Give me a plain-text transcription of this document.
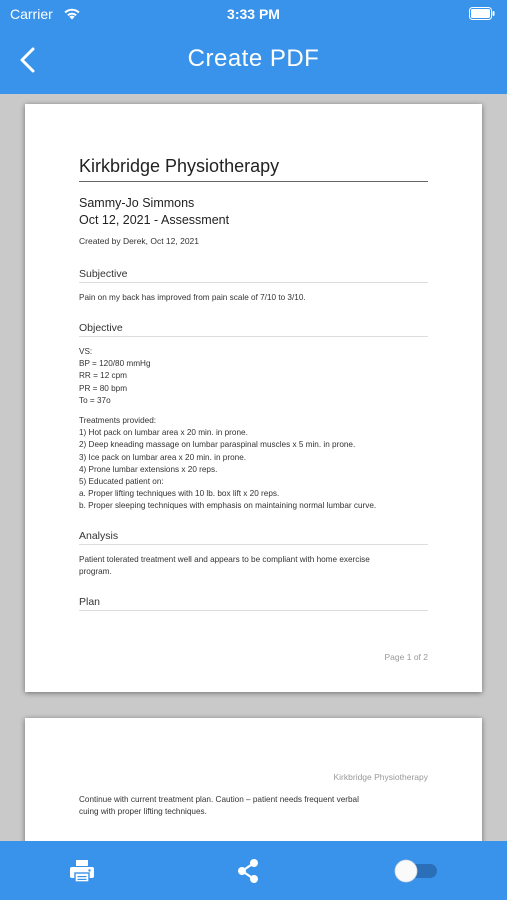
Carrier	3:33 PM
Create PDF
Kirkbridge Physiotherapy
Sammy-Jo Simmons
Oct 12, 2021 - Assessment
Created by Derek, Oct 12, 2021
Subjective
Pain on my back has improved from pain scale of 7/10 to 3/10.
Objective
VS:
BP = 120/80 mmHg
RR = 12 cpm
PR = 80 bpm
To = 37o
Treatments provided:
1) Hot pack on lumbar area x 20 min. in prone.
2) Deep kneading massage on lumbar paraspinal muscles x 5 min. in prone.
3) Ice pack on lumbar area x 20 min. in prone.
4) Prone lumbar extensions x 20 reps.
5) Educated patient on:
a. Proper lifting techniques with 10 lb. box lift x 20 reps.
b. Proper sleeping techniques with emphasis on maintaining normal lumbar curve.
Analysis
Patient tolerated treatment well and appears to be compliant with home exercise
program.
Plan
Page 1 of 2
Kirkbridge Physiotherapy
Continue with current treatment plan. Caution – patient needs frequent verbal
cuing with proper lifting techniques.
